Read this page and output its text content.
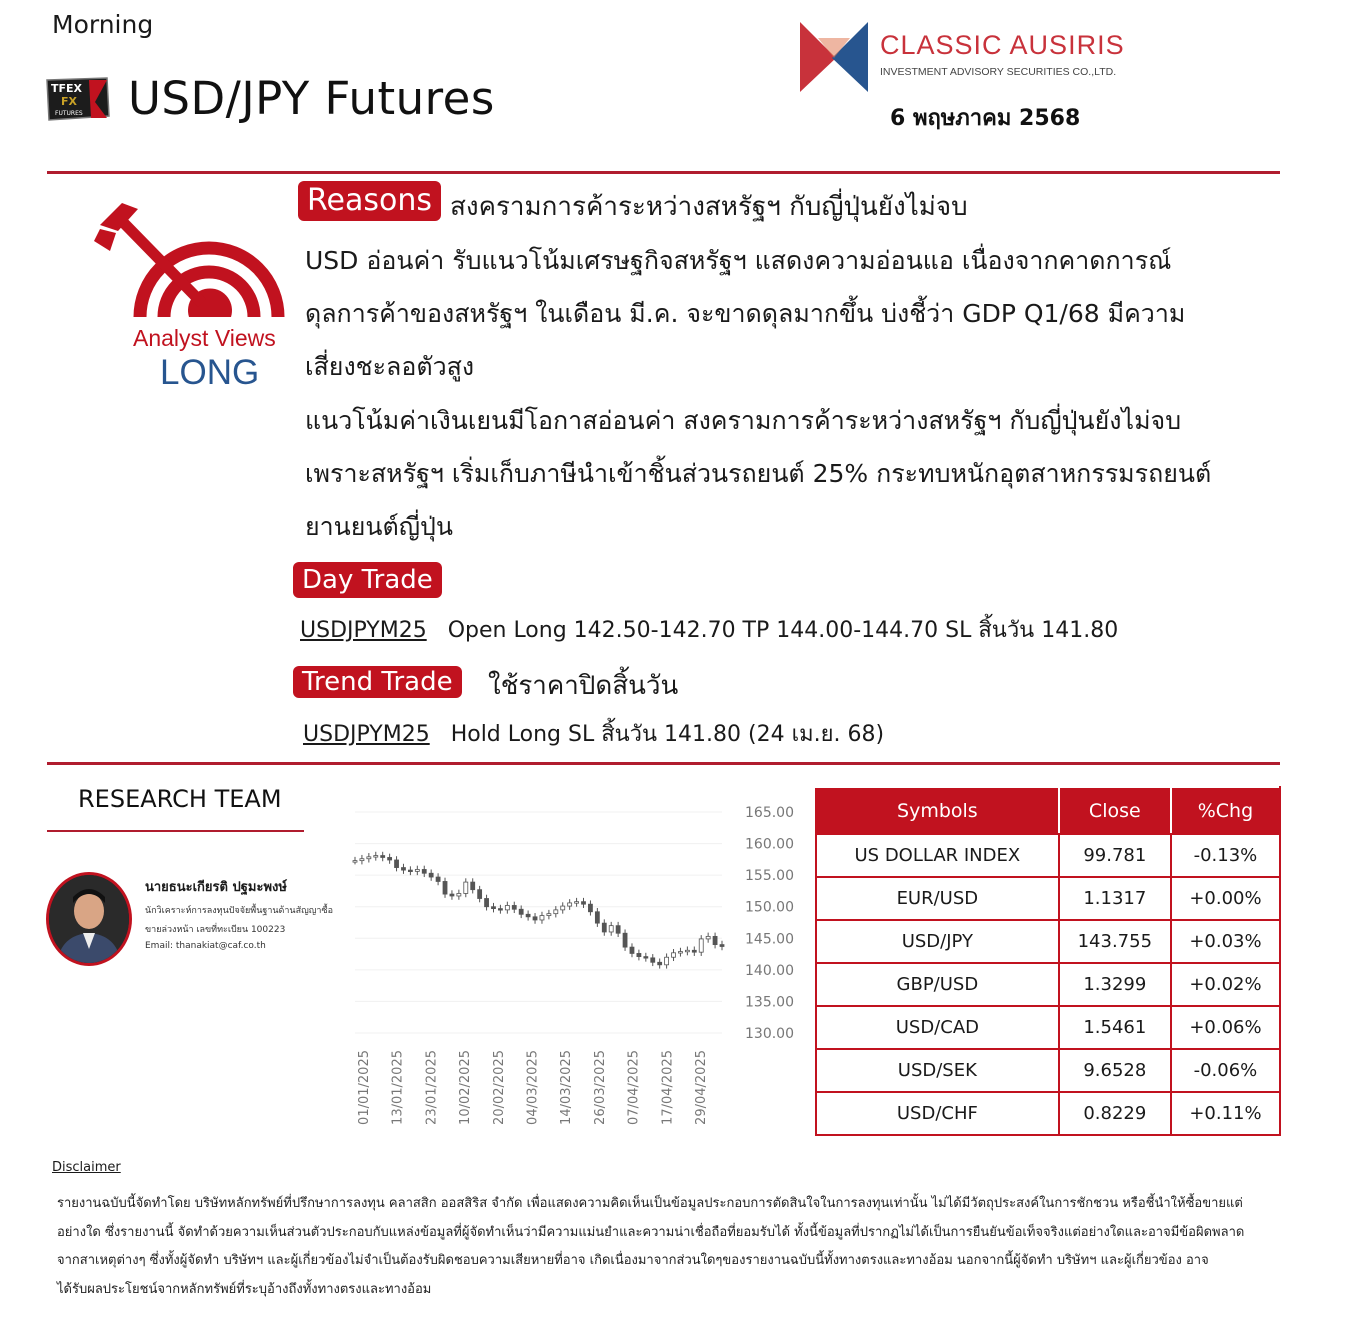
Morning
TFEX
FX
FUTURES USD/JPY Futures
CLASSIC AUSIRIS
INVESTMENT ADVISORY SECURITIES CO.,LTD.
6 พฤษภาคม 2568
Analyst Views
LONG
Reasons สงครามการค้าระหว่างสหรัฐฯ กับญี่ปุ่นยังไม่จบ
USD อ่อนค่า รับแนวโน้มเศรษฐกิจสหรัฐฯ แสดงความอ่อนแอ เนื่องจากคาดการณ์
ดุลการค้าของสหรัฐฯ ในเดือน มี.ค. จะขาดดุลมากขึ้น บ่งชี้ว่า GDP Q1/68 มีความ
เสี่ยงชะลอตัวสูง
แนวโน้มค่าเงินเยนมีโอกาสอ่อนค่า สงครามการค้าระหว่างสหรัฐฯ กับญี่ปุ่นยังไม่จบ
เพราะสหรัฐฯ เริ่มเก็บภาษีนำเข้าชิ้นส่วนรถยนต์ 25% กระทบหนักอุตสาหกรรมรถยนต์
ยานยนต์ญี่ปุ่น
Day Trade
USDJPYM25 Open Long 142.50-142.70 TP 144.00-144.70 SL สิ้นวัน 141.80
Trend Trade	ใช้ราคาปิดสิ้นวัน
USDJPYM25 Hold Long SL สิ้นวัน 141.80 (24 เม.ย. 68)
RESEARCH TEAM
นายธนะเกียรติ ปฐมะพงษ์
นักวิเคราะห์การลงทุนปัจจัยพื้นฐานด้านสัญญาซื้อ
ขายล่วงหน้า เลขที่ทะเบียน 100223
Email: thanakiat@caf.co.th
165.00
160.00
155.00
150.00
145.00
140.00
135.00
130.00
01/01/2025 13/01/2025 23/01/2025 10/02/2025 20/02/2025 04/03/2025 14/03/2025 26/03/2025 07/04/2025 17/04/2025 29/04/2025
Symbols	Close	%Chg
US DOLLAR INDEX	99.781	-0.13%
EUR/USD	1.1317	+0.00%
USD/JPY	143.755	+0.03%
GBP/USD	1.3299	+0.02%
USD/CAD	1.5461	+0.06%
USD/SEK	9.6528	-0.06%
USD/CHF	0.8229	+0.11%
Disclaimer
รายงานฉบับนี้จัดทำโดย บริษัทหลักทรัพย์ที่ปรึกษาการลงทุน คลาสสิก ออสสิริส จำกัด เพื่อแสดงความคิดเห็นเป็นข้อมูลประกอบการตัดสินใจในการลงทุนเท่านั้น ไม่ได้มีวัตถุประสงค์ในการชักชวน หรือชี้นำให้ซื้อขายแต่
อย่างใด ซึ่งรายงานนี้ จัดทำด้วยความเห็นส่วนตัวประกอบกับแหล่งข้อมูลที่ผู้จัดทำเห็นว่ามีความแม่นยำและความน่าเชื่อถือที่ยอมรับได้ ทั้งนี้ข้อมูลที่ปรากฏไม่ได้เป็นการยืนยันข้อเท็จจริงแต่อย่างใดและอาจมีข้อผิดพลาด
จากสาเหตุต่างๆ ซึ่งทั้งผู้จัดทำ บริษัทฯ และผู้เกี่ยวข้องไม่จำเป็นต้องรับผิดชอบความเสียหายที่อาจ เกิดเนื่องมาจากส่วนใดๆของรายงานฉบับนี้ทั้งทางตรงและทางอ้อม นอกจากนี้ผู้จัดทำ บริษัทฯ และผู้เกี่ยวข้อง อาจ
ได้รับผลประโยชน์จากหลักทรัพย์ที่ระบุอ้างถึงทั้งทางตรงและทางอ้อม
